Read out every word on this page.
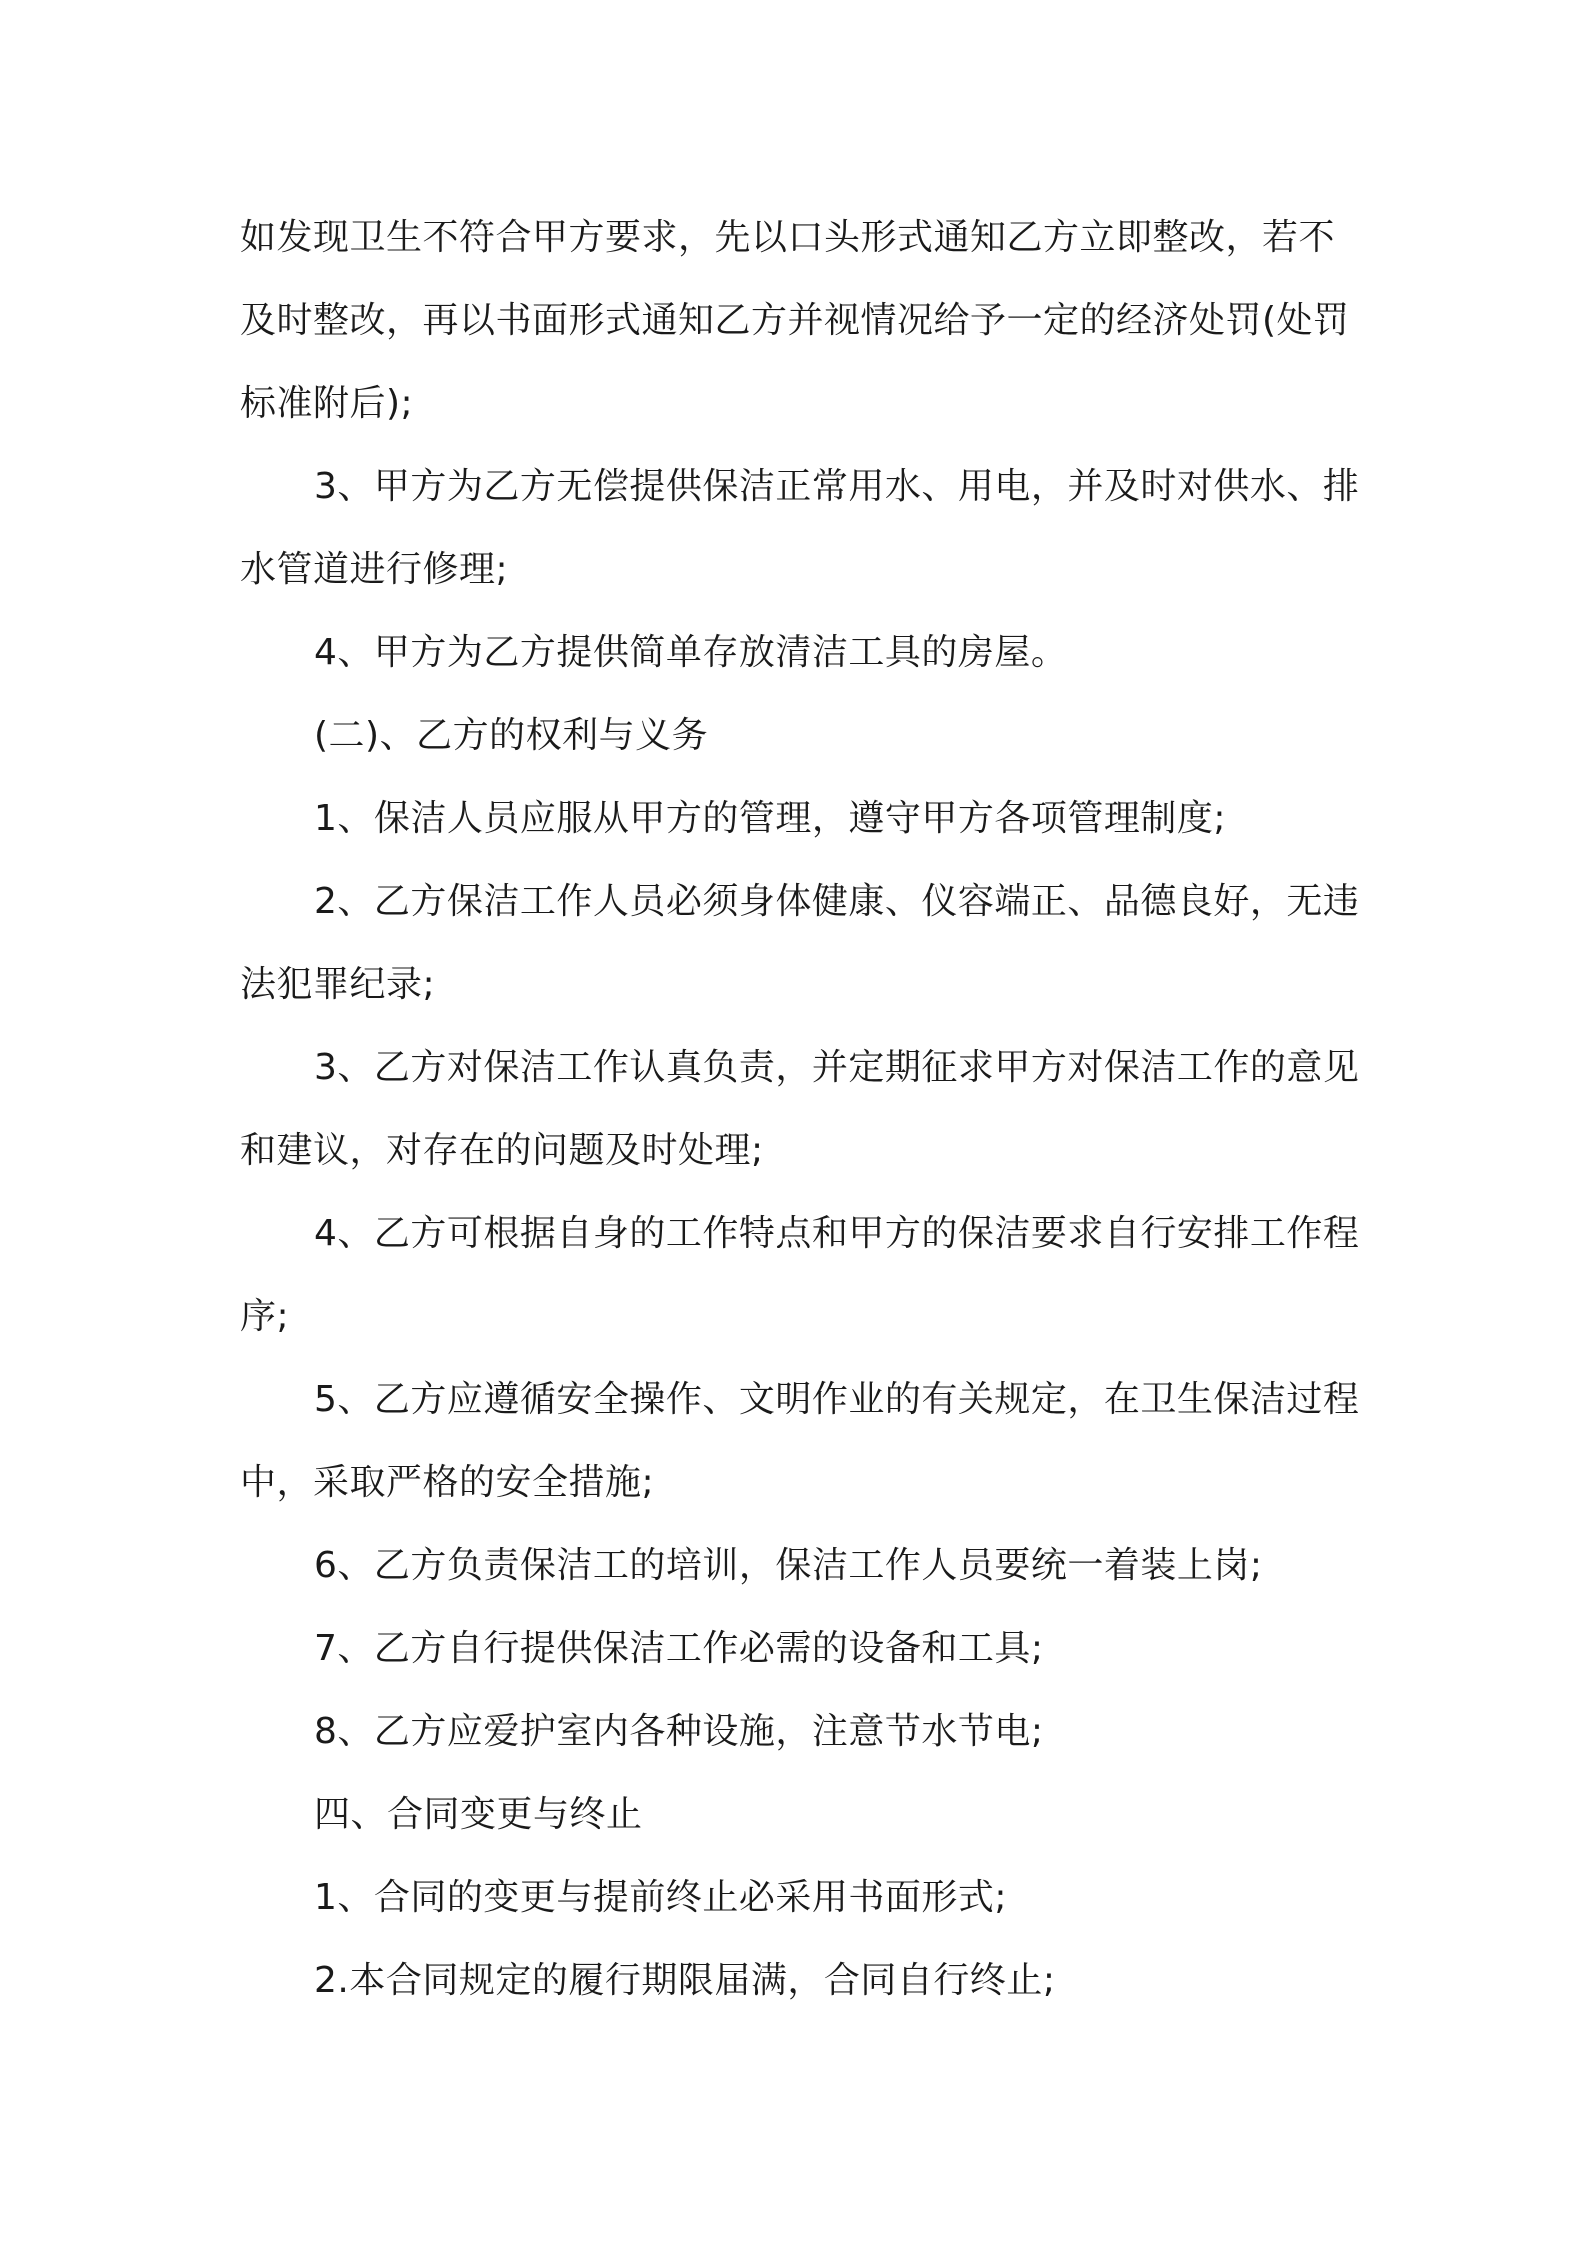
如发现卫生不符合甲方要求，先以口头形式通知乙方立即整改，若不及时整改，再以书面形式通知乙方并视情况给予一定的经济处罚(处罚标准附后);

3、甲方为乙方无偿提供保洁正常用水、用电，并及时对供水、排水管道进行修理;

4、甲方为乙方提供简单存放清洁工具的房屋。

(二)、乙方的权利与义务

1、保洁人员应服从甲方的管理，遵守甲方各项管理制度;

2、乙方保洁工作人员必须身体健康、仪容端正、品德良好，无违法犯罪纪录;

3、乙方对保洁工作认真负责，并定期征求甲方对保洁工作的意见和建议，对存在的问题及时处理;

4、乙方可根据自身的工作特点和甲方的保洁要求自行安排工作程序;

5、乙方应遵循安全操作、文明作业的有关规定，在卫生保洁过程中，采取严格的安全措施;

6、乙方负责保洁工的培训，保洁工作人员要统一着装上岗;

7、乙方自行提供保洁工作必需的设备和工具;

8、乙方应爱护室内各种设施，注意节水节电;

四、合同变更与终止

1、合同的变更与提前终止必采用书面形式;

2.本合同规定的履行期限届满，合同自行终止;
